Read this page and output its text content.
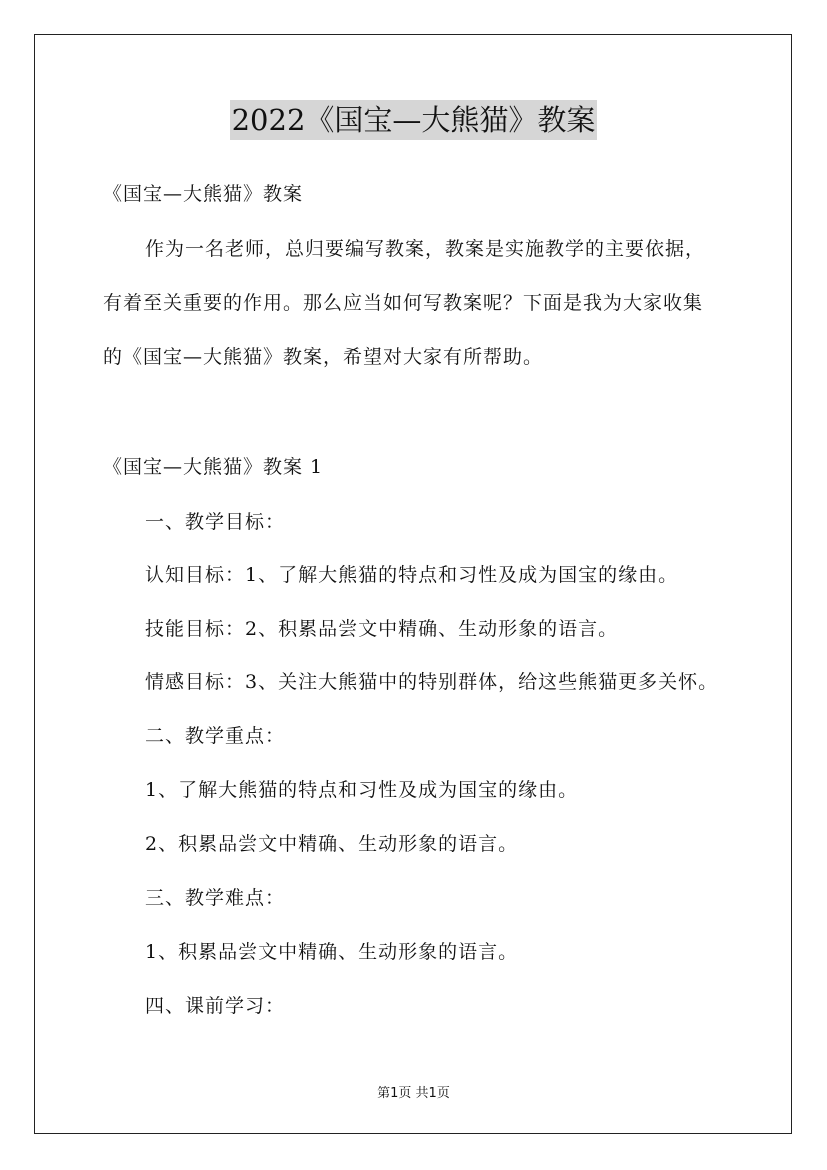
2022《国宝—大熊猫》教案
《国宝—大熊猫》教案
作为一名老师，总归要编写教案，教案是实施教学的主要依据，
有着至关重要的作用。那么应当如何写教案呢？下面是我为大家收集
的《国宝—大熊猫》教案，希望对大家有所帮助。
《国宝—大熊猫》教案 1
一、教学目标：
认知目标：1、了解大熊猫的特点和习性及成为国宝的缘由。
技能目标：2、积累品尝文中精确、生动形象的语言。
情感目标：3、关注大熊猫中的特别群体，给这些熊猫更多关怀。
二、教学重点：
1、了解大熊猫的特点和习性及成为国宝的缘由。
2、积累品尝文中精确、生动形象的语言。
三、教学难点：
1、积累品尝文中精确、生动形象的语言。
四、课前学习：
第1页 共1页
